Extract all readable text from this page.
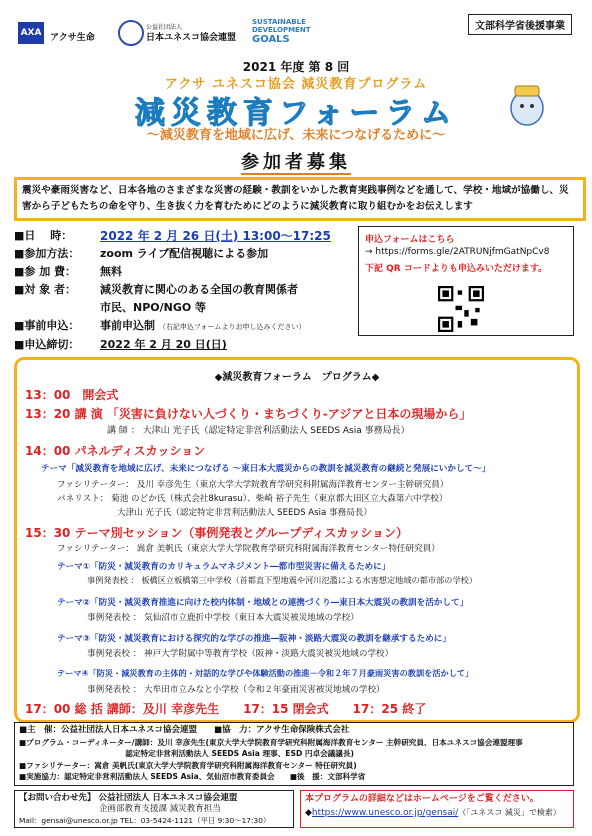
AXA アクサ生命
公益社団法人
日本ユネスコ協会連盟
SUSTAINABLE
DEVELOPMENT
GOALS
文部科学省後援事業
2021 年度 第 8 回
アクサ ユネスコ協会 減災教育プログラム
減災教育フォーラム
～減災教育を地域に広げ、未来につなげるために～
参加者募集
震災や豪雨災害など、日本各地のさまざまな災害の経験・教訓をいかした教育実践事例などを通して、学校・地域が協働し、災害から子どもたちの命を守り、生き抜く力を育むためにどのように減災教育に取り組むかをお伝えします
■日　 時：	2022 年 2 月 26 日(土) 13:00〜17:25
■参加方法：	zoom ライブ配信視聴による参加
■参 加 費：	無料
■対 象 者：	減災教育に関心のある全国の教育関係者
市民、NPO/NGO 等
■事前申込：	事前申込制 （右記申込フォームよりお申し込みください）
■申込締切：	2022 年 2 月 20 日(日)
申込フォームはこちら
→ https://forms.gle/2ATRUNjfmGatNpCv8
下記 QR コードよりも申込みいただけます。
◆減災教育フォーラム　プログラム◆
13：00　開会式
13：20 講 演 「災害に負けない人づくり・まちづくり-アジアと日本の現場から」
講 師 ： 大津山 光子氏（認定特定非営利活動法人 SEEDS Asia 事務局長）
14：00 パネルディスカッション
テーマ「減災教育を地域に広げ、未来につなげる ～東日本大震災からの教訓を減災教育の継続と発展にいかして～」
ファシリテーター： 及川 幸彦先生（東京大学大学院教育学研究科附属海洋教育センター主幹研究員）
パネリスト： 菊池 のどか氏（株式会社8kurasu）、柴崎 裕子先生（東京都大田区立大森第六中学校）
大津山 光子氏（認定特定非営利活動法人 SEEDS Asia 事務局長）
15：30 テーマ別セッション（事例発表とグループディスカッション）
ファシリテーター： 嵩倉 美帆氏（東京大学大学院教育学研究科附属海洋教育センター特任研究員）
テーマ①「防災・減災教育のカリキュラムマネジメント―都市型災害に備えるために」
事例発表校 ： 板橋区立板橋第三中学校（首都直下型地震や河川氾濫による水害想定地域の都市部の学校）
テーマ②「防災・減災教育推進に向けた校内体制・地域との連携づくり―東日本大震災の教訓を活かして」
事例発表校 ： 気仙沼市立鹿折中学校（東日本大震災被災地域の学校）
テーマ③「防災・減災教育における探究的な学びの推進―阪神・淡路大震災の教訓を継承するために」
事例発表校 ： 神戸大学附属中等教育学校（阪神・淡路大震災被災地域の学校）
テーマ④「防災・減災教育の主体的・対話的な学びや体験活動の推進－令和２年７月豪雨災害の教訓を活かして」
事例発表校 ： 大牟田市立みなと小学校（令和２年豪雨災害被災地域の学校）
17：00 総 括 講師：及川 幸彦先生　　17：15 閉会式　　17：25 終了
■主　催：公益社団法人日本ユネスコ協会連盟　　■協　力：アクサ生命保険株式会社
■プログラム・コーディネーター/講師：及川 幸彦先生(東京大学大学院教育学研究科附属海洋教育センター 主幹研究員、日本ユネスコ協会連盟理事
　　　　　　　　　　　　　　認定特定非営利活動法人 SEEDS Asia 理事、ESD 円卓会議議長)
■ファシリテーター：嵩倉 美帆氏(東京大学大学院教育学研究科附属海洋教育センター 特任研究員)
■実施協力：認定特定非営利活動法人 SEEDS Asia、気仙沼市教育委員会　　■後　援：文部科学省
【お問い合わせ先】 公益社団法人 日本ユネスコ協会連盟
企画部教育支援課 減災教育担当
Mail：gensai@unesco.or.jp TEL：03-5424-1121（平日 9:30〜17:30）
本プログラムの詳細などはホームページをご覧ください。
◆https://www.unesco.or.jp/gensai/（「ユネスコ 減災」で検索）
